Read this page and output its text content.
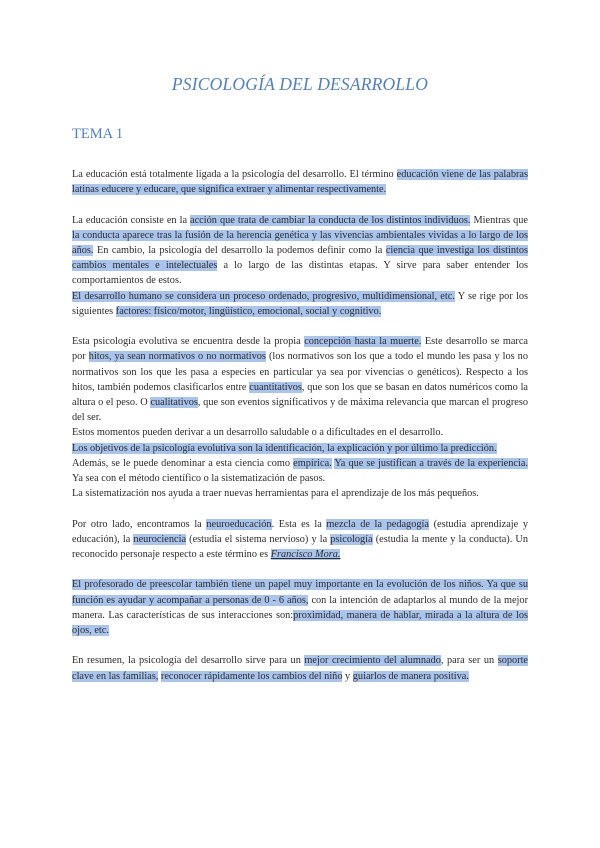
PSICOLOGÍA DEL DESARROLLO
TEMA 1

La educación está totalmente ligada a la psicología del desarrollo. El término educación viene de las palabras latinas educere y educare, que significa extraer y alimentar respectivamente.

La educación consiste en la acción que trata de cambiar la conducta de los distintos individuos. Mientras que la conducta aparece tras la fusión de la herencia genética y las vivencias ambientales vividas a lo largo de los años. En cambio, la psicología del desarrollo la podemos definir como la ciencia que investiga los distintos cambios mentales e intelectuales a lo largo de las distintas etapas. Y sirve para saber entender los comportamientos de estos.

El desarrollo humano se considera un proceso ordenado, progresivo, multidimensional, etc. Y se rige por los siguientes factores: físico/motor, lingüístico, emocional, social y cognitivo.

Esta psicología evolutiva se encuentra desde la propia concepción hasta la muerte. Este desarrollo se marca por hitos, ya sean normativos o no normativos (los normativos son los que a todo el mundo les pasa y los no normativos son los que les pasa a especies en particular ya sea por vivencias o genéticos). Respecto a los hitos, también podemos clasificarlos entre cuantitativos, que son los que se basan en datos numéricos como la altura o el peso. O cualitativos, que son eventos significativos y de máxima relevancia que marcan el progreso del ser.

Estos momentos pueden derivar a un desarrollo saludable o a dificultades en el desarrollo.

Los objetivos de la psicología evolutiva son la identificación, la explicación y por último la predicción.

Además, se le puede denominar a esta ciencia como empírica. Ya que se justifican a través de la experiencia. Ya sea con el método científico o la sistematización de pasos.

La sistematización nos ayuda a traer nuevas herramientas para el aprendizaje de los más pequeños.

Por otro lado, encontramos la neuroeducación. Esta es la mezcla de la pedagogía (estudia aprendizaje y educación), la neurociencia (estudia el sistema nervioso) y la psicología (estudia la mente y la conducta). Un reconocido personaje respecto a este término es Francisco Mora.

El profesorado de preescolar también tiene un papel muy importante en la evolución de los niños. Ya que su función es ayudar y acompañar a personas de 0 - 6 años, con la intención de adaptarlos al mundo de la mejor manera. Las características de sus interacciones son:proximidad, manera de hablar, mirada a la altura de los ojos, etc.

En resumen, la psicología del desarrollo sirve para un mejor crecimiento del alumnado, para ser un soporte clave en las familias, reconocer rápidamente los cambios del niño y guiarlos de manera positiva.
